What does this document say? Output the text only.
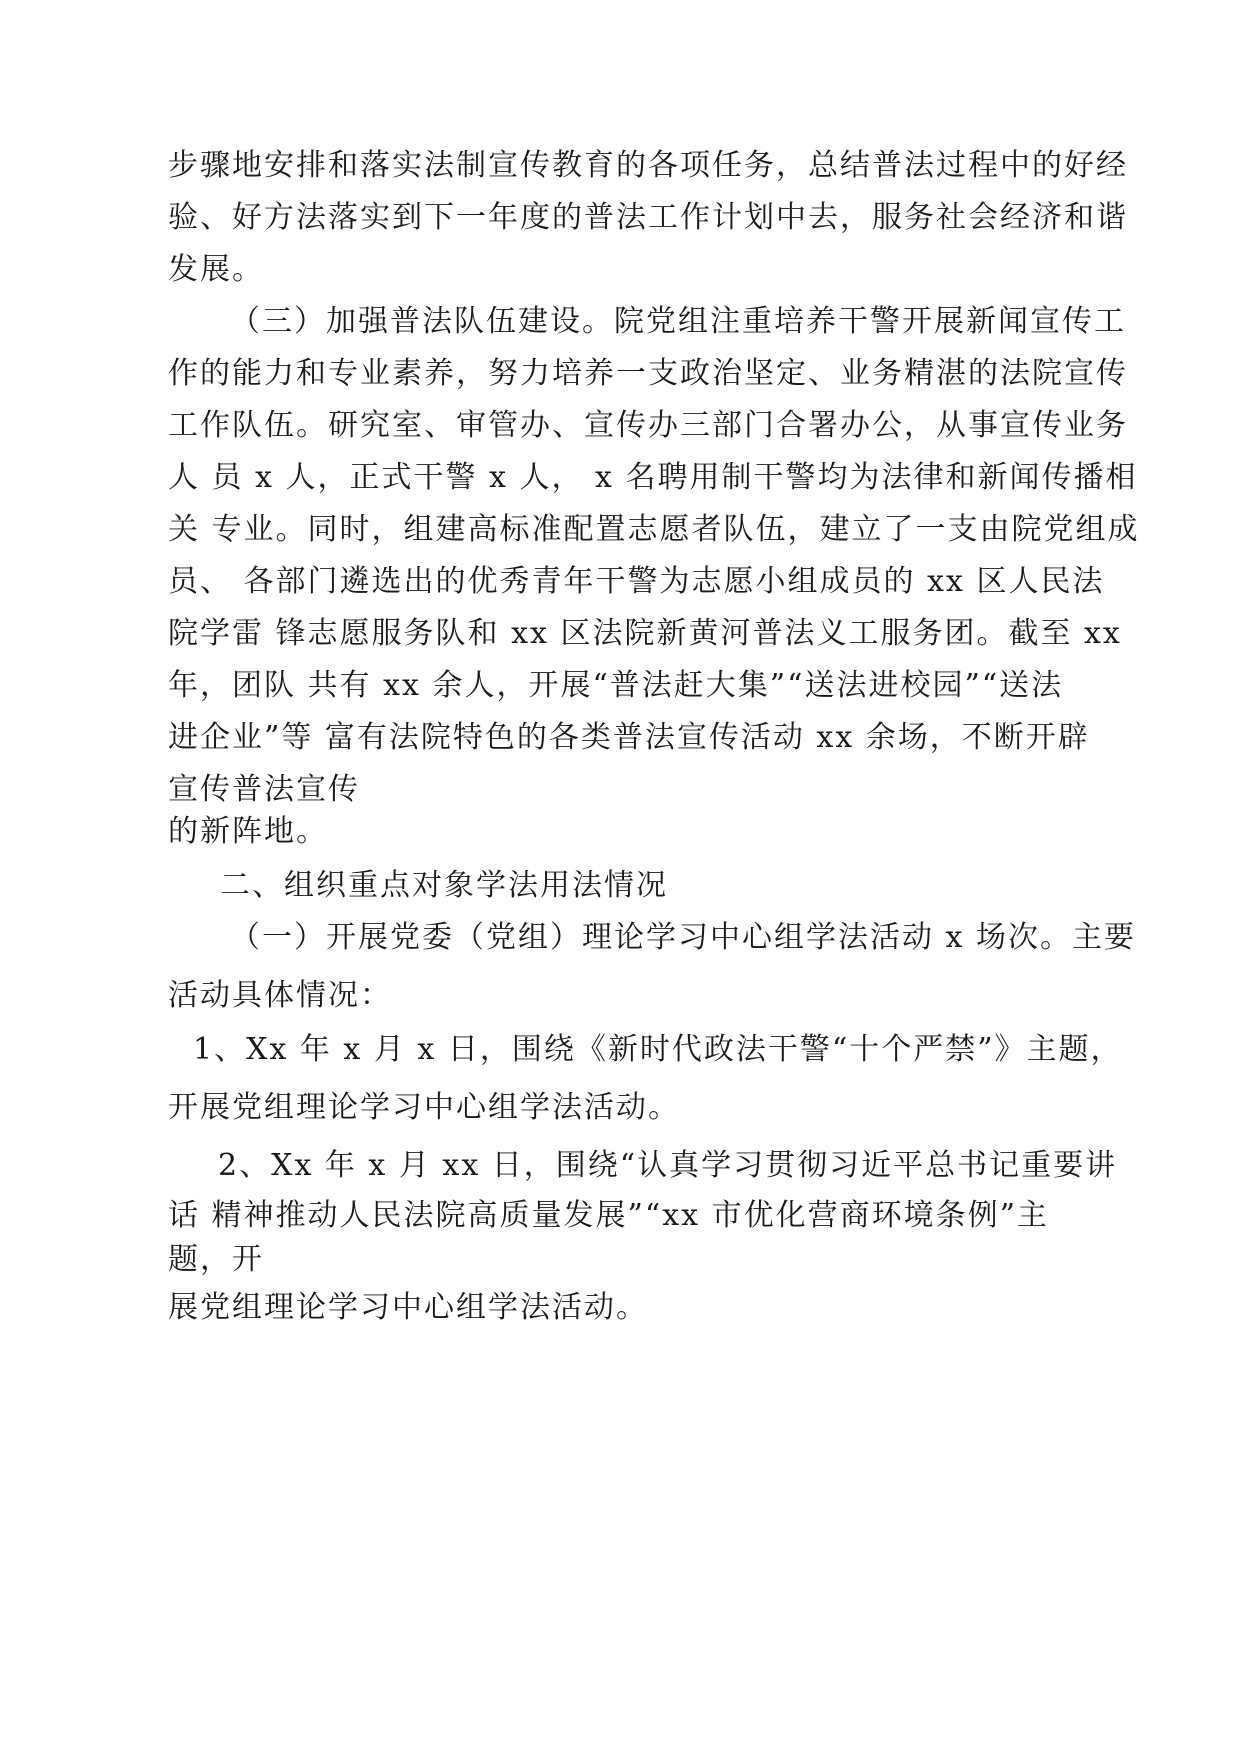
步骤地安排和落实法制宣传教育的各项任务，总结普法过程中的好经
验、好方法落实到下一年度的普法工作计划中去，服务社会经济和谐
发展。
（三）加强普法队伍建设。院党组注重培养干警开展新闻宣传工
作的能力和专业素养，努力培养一支政治坚定、业务精湛的法院宣传
工作队伍。研究室、审管办、宣传办三部门合署办公，从事宣传业务
人 员 x 人，正式干警 x 人， x 名聘用制干警均为法律和新闻传播相
关 专业。同时，组建高标准配置志愿者队伍，建立了一支由院党组成
员、 各部门遴选出的优秀青年干警为志愿小组成员的 xx 区人民法
院学雷 锋志愿服务队和 xx 区法院新黄河普法义工服务团。截至 xx
年，团队 共有 xx 余人，开展“普法赶大集”“送法进校园”“送法
进企业”等 富有法院特色的各类普法宣传活动 xx 余场，不断开辟
宣传普法宣传
的新阵地。
二、组织重点对象学法用法情况
（一）开展党委（党组）理论学习中心组学法活动 x 场次。主要
活动具体情况：
1、Xx 年 x 月 x 日，围绕《新时代政法干警“十个严禁”》主题，
开展党组理论学习中心组学法活动。
2、Xx 年 x 月 xx 日，围绕“认真学习贯彻习近平总书记重要讲
话 精神推动人民法院高质量发展”“xx 市优化营商环境条例”主
题，开
展党组理论学习中心组学法活动。
